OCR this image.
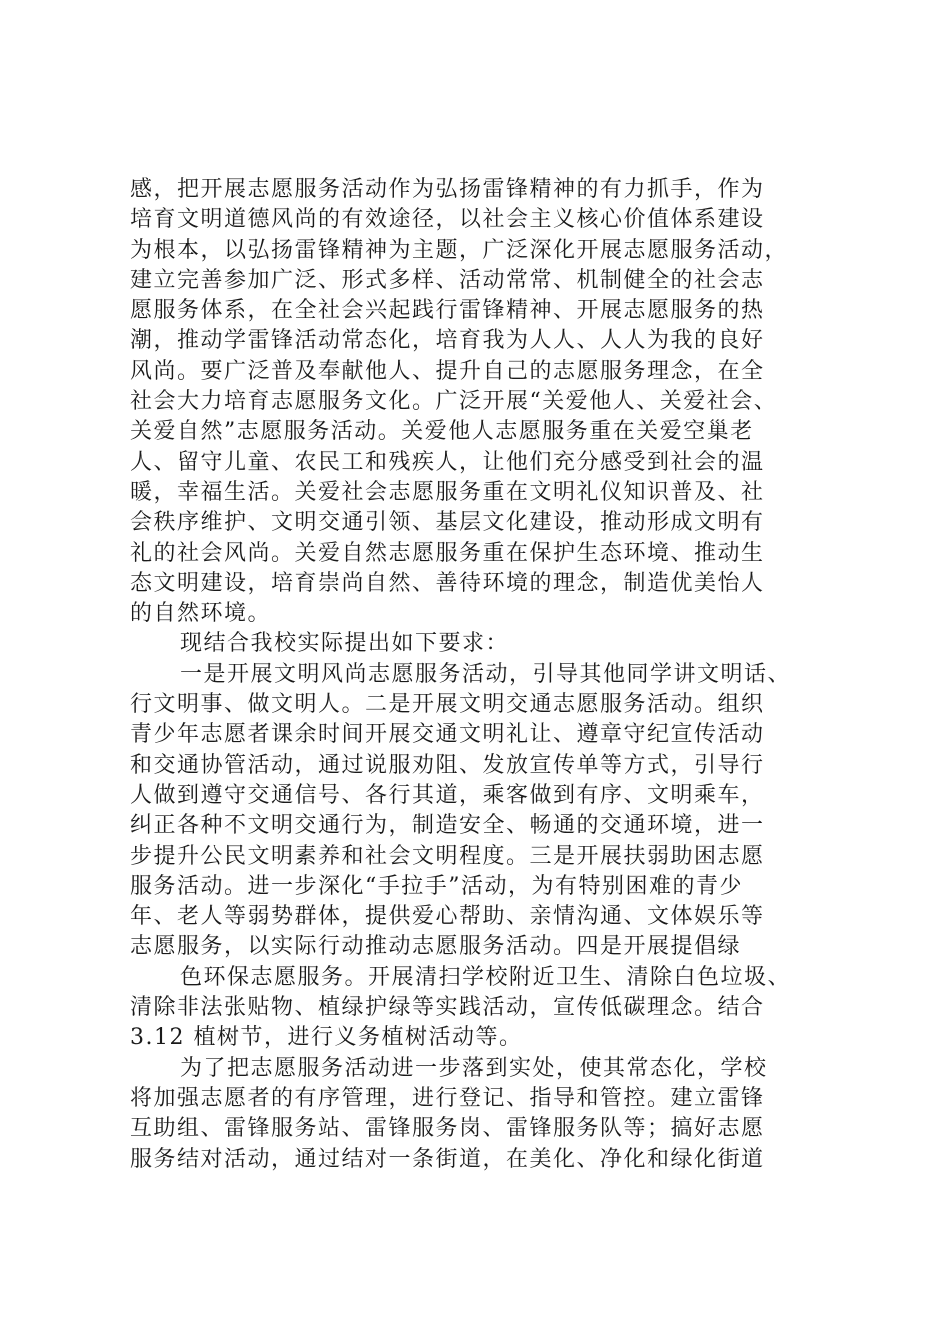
感，把开展志愿服务活动作为弘扬雷锋精神的有力抓手，作为
培育文明道德风尚的有效途径，以社会主义核心价值体系建设
为根本，以弘扬雷锋精神为主题，广泛深化开展志愿服务活动，
建立完善参加广泛、形式多样、活动常常、机制健全的社会志
愿服务体系，在全社会兴起践行雷锋精神、开展志愿服务的热
潮，推动学雷锋活动常态化，培育我为人人、人人为我的良好
风尚。要广泛普及奉献他人、提升自己的志愿服务理念，在全
社会大力培育志愿服务文化。广泛开展“关爱他人、关爱社会、
关爱自然”志愿服务活动。关爱他人志愿服务重在关爱空巢老
人、留守儿童、农民工和残疾人，让他们充分感受到社会的温
暖，幸福生活。关爱社会志愿服务重在文明礼仪知识普及、社
会秩序维护、文明交通引领、基层文化建设，推动形成文明有
礼的社会风尚。关爱自然志愿服务重在保护生态环境、推动生
态文明建设，培育崇尚自然、善待环境的理念，制造优美怡人
的自然环境。
现结合我校实际提出如下要求：
一是开展文明风尚志愿服务活动，引导其他同学讲文明话、
行文明事、做文明人。二是开展文明交通志愿服务活动。组织
青少年志愿者课余时间开展交通文明礼让、遵章守纪宣传活动
和交通协管活动，通过说服劝阻、发放宣传单等方式，引导行
人做到遵守交通信号、各行其道，乘客做到有序、文明乘车，
纠正各种不文明交通行为，制造安全、畅通的交通环境，进一
步提升公民文明素养和社会文明程度。三是开展扶弱助困志愿
服务活动。进一步深化“手拉手”活动，为有特别困难的青少
年、老人等弱势群体，提供爱心帮助、亲情沟通、文体娱乐等
志愿服务，以实际行动推动志愿服务活动。四是开展提倡绿
色环保志愿服务。开展清扫学校附近卫生、清除白色垃圾、
清除非法张贴物、植绿护绿等实践活动，宣传低碳理念。结合
3.12 植树节，进行义务植树活动等。
为了把志愿服务活动进一步落到实处，使其常态化，学校
将加强志愿者的有序管理，进行登记、指导和管控。建立雷锋
互助组、雷锋服务站、雷锋服务岗、雷锋服务队等；搞好志愿
服务结对活动，通过结对一条街道，在美化、净化和绿化街道
